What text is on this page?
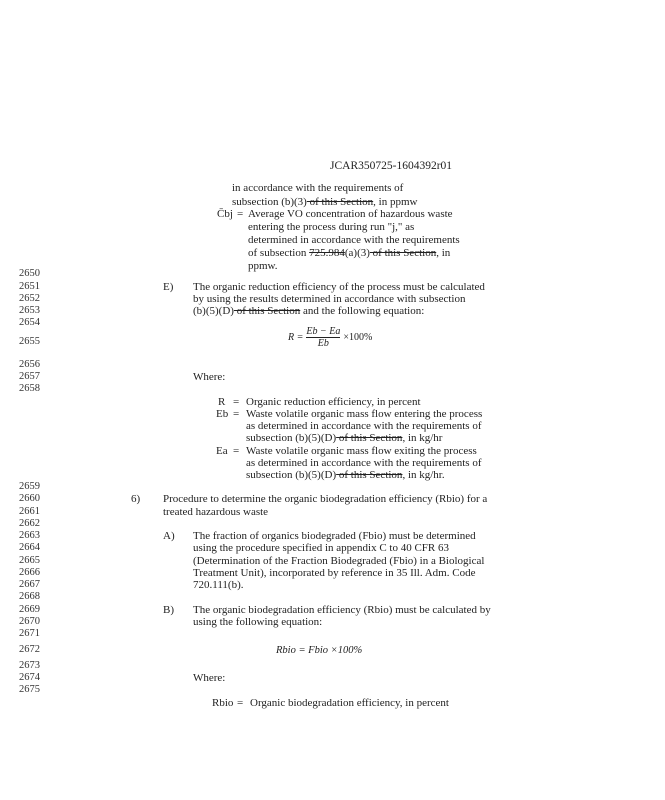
JCAR350725-1604392r01
in accordance with the requirements of
subsection (b)(3) of this Section, in ppmw
C̄bj = Average VO concentration of hazardous waste
entering the process during run "j," as
determined in accordance with the requirements
of subsection 725.984(a)(3) of this Section, in
ppmw.
2650
2651
2652
2653
2654
2655
2656
2657
2658
2659
2660
2661
2662
2663
2664
2665
2666
2667
2668
2669
2670
2671
2672
2673
2674
2675
E) The organic reduction efficiency of the process must be calculated
by using the results determined in accordance with subsection
(b)(5)(D) of this Section and the following equation:
$R = \frac{Eb - Ea}{Eb} \times 100\%$
Where:
R = Organic reduction efficiency, in percent
Eb = Waste volatile organic mass flow entering the process
as determined in accordance with the requirements of
subsection (b)(5)(D) of this Section, in kg/hr
Ea = Waste volatile organic mass flow exiting the process
as determined in accordance with the requirements of
subsection (b)(5)(D) of this Section, in kg/hr.
6) Procedure to determine the organic biodegradation efficiency (Rbio) for a
treated hazardous waste
A) The fraction of organics biodegraded (Fbio) must be determined
using the procedure specified in appendix C to 40 CFR 63
(Determination of the Fraction Biodegraded (Fbio) in a Biological
Treatment Unit), incorporated by reference in 35 Ill. Adm. Code
720.111(b).
B) The organic biodegradation efficiency (Rbio) must be calculated by
using the following equation:
Rbio = Fbio ×100%
Where:
Rbio = Organic biodegradation efficiency, in percent
